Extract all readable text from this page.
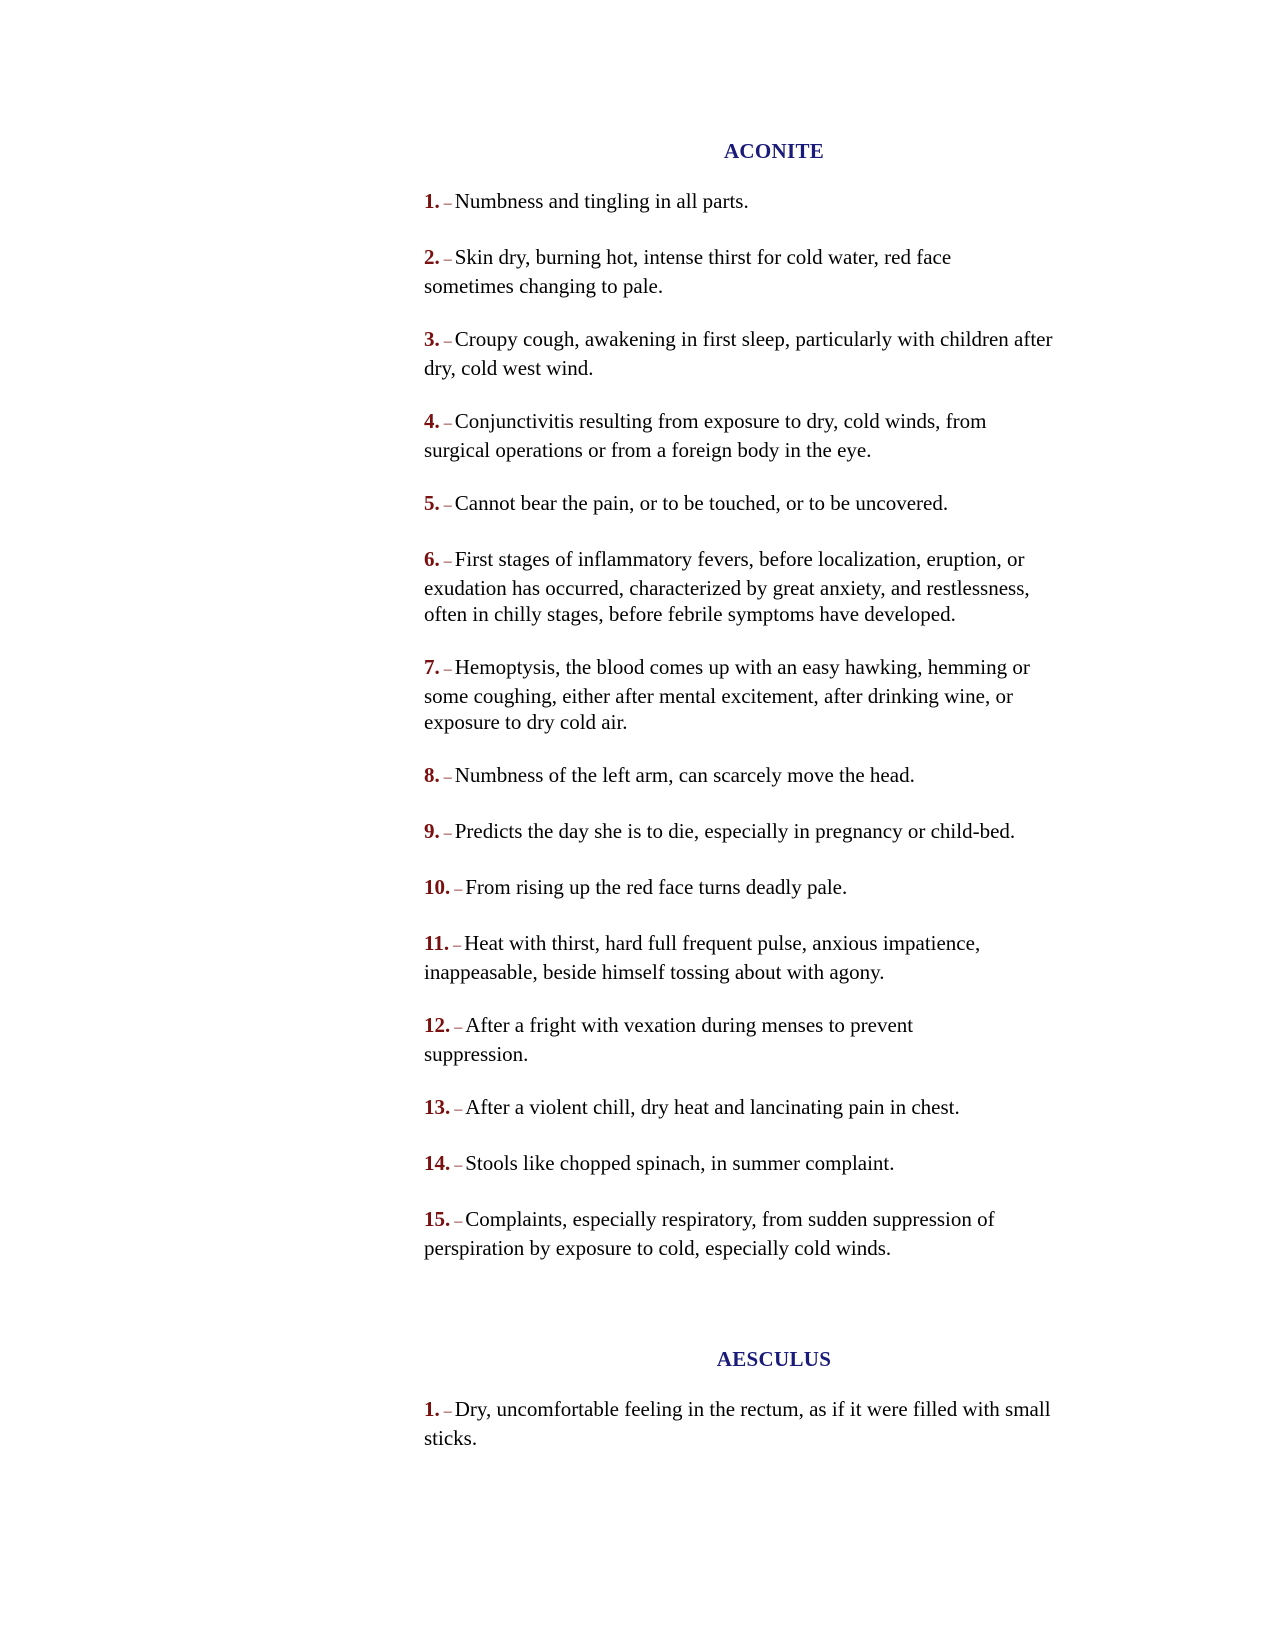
ACONITE
1. – Numbness and tingling in all parts.
2. – Skin dry, burning hot, intense thirst for cold water, red face sometimes changing to pale.
3. – Croupy cough, awakening in first sleep, particularly with children after dry, cold west wind.
4. – Conjunctivitis resulting from exposure to dry, cold winds, from surgical operations or from a foreign body in the eye.
5. – Cannot bear the pain, or to be touched, or to be uncovered.
6. – First stages of inflammatory fevers, before localization, eruption, or exudation has occurred, characterized by great anxiety, and restlessness, often in chilly stages, before febrile symptoms have developed.
7. – Hemoptysis, the blood comes up with an easy hawking, hemming or some coughing, either after mental excitement, after drinking wine, or exposure to dry cold air.
8. – Numbness of the left arm, can scarcely move the head.
9. – Predicts the day she is to die, especially in pregnancy or child-bed.
10. – From rising up the red face turns deadly pale.
11. – Heat with thirst, hard full frequent pulse, anxious impatience, inappeasable, beside himself tossing about with agony.
12. – After a fright with vexation during menses to prevent suppression.
13. – After a violent chill, dry heat and lancinating pain in chest.
14. – Stools like chopped spinach, in summer complaint.
15. – Complaints, especially respiratory, from sudden suppression of perspiration by exposure to cold, especially cold winds.
AESCULUS
1. – Dry, uncomfortable feeling in the rectum, as if it were filled with small sticks.
